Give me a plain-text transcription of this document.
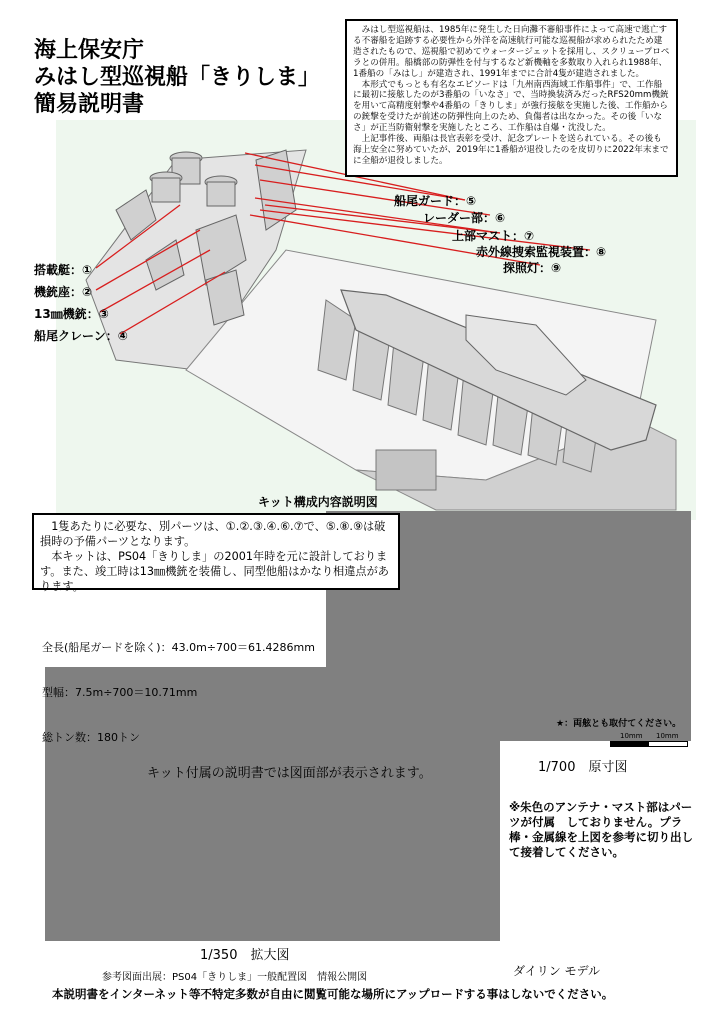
海上保安庁
みはし型巡視船「きりしま」
簡易説明書

みはし型巡視船は、1985年に発生した日向灘不審船事件によって高速で逃亡する不審船を追跡する必要性から外洋を高速航行可能な巡視船が求められたため建造されたもので、巡視船で初めてウォータージェットを採用し、スクリュープロペラとの併用。船橋部の防弾性を付与するなど新機軸を多数取り入れられ1988年、1番船の「みはし」が建造され、1991年までに合計4隻が建造されました。

本形式でもっとも有名なエピソードは「九州南西海域工作船事件」で、工作船に最初に接舷したのが3番船の「いなさ」で、当時換装済みだったRFS20mm機銃を用いて高精度射撃や4番船の「きりしま」が強行接舷を実施した後、工作船からの銃撃を受けたが前述の防弾性向上のため、負傷者は出なかった。その後「いなさ」が正当防衛射撃を実施したところ、工作船は自爆・沈没した。

上記事件後、両船は長官表彰を受け、記念プレートを送られている。その後も海上安全に努めていたが、2019年に1番船が退役したのを皮切りに2022年末までに全船が退役しました。

搭載艇：①
機銃座：②
13㎜機銃：③
船尾クレーン：④
船尾ガード：⑤
レーダー部：⑥
上部マスト：⑦
赤外線捜索監視装置：⑧
探照灯：⑨
キット構成内容説明図

1隻あたりに必要な、別パーツは、①.②.③.④.⑥.⑦で、⑤.⑧.⑨は破損時の予備パーツとなります。

本キットは、PS04「きりしま」の2001年時を元に設計しております。また、竣工時は13㎜機銃を装備し、同型他船はかなり相違点があります。

全長(船尾ガードを除く)：43.0m÷700＝61.4286mm

型幅：7.5m÷700＝10.71mm

総トン数：180トン

キット付属の説明書では図面部が表示されます。
★：両舷とも取付てください。
10mm 10mm
1/700　原寸図
※朱色のアンテナ・マスト部はパーツが付属　しておりません。プラ棒・金属線を上図を参考に切り出して接着してください。
1/350　拡大図
参考図面出展：PS04「きりしま」一般配置図　情報公開図	ダイリン モデル
本説明書をインターネット等不特定多数が自由に閲覧可能な場所にアップロードする事はしないでください。
